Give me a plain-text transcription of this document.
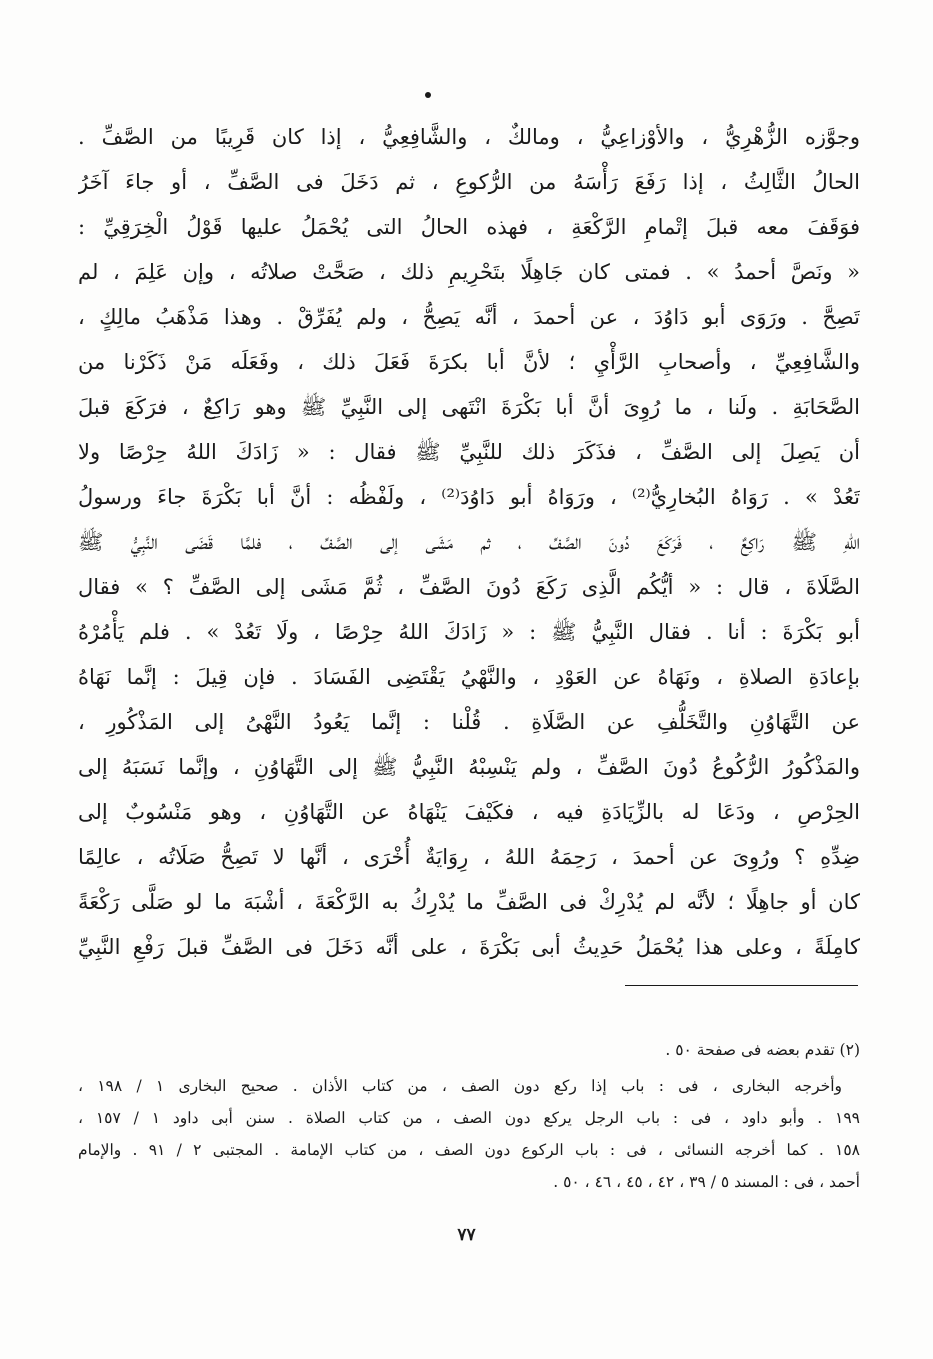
وجوَّزه الزُّهْرِيُّ ، والأوْزاعِيُّ ، ومالكٌ ، والشَّافِعِيُّ ، إذا كان قَرِيبًا من الصَّفِّ .
الحالُ الثَّالِثُ ، إذا رَفَعَ رَأْسَهُ من الرُّكوعِ ، ثم دَخَلَ فى الصَّفِّ ، أو جاءَ آخَرُ
فوَقَفَ معه قبلَ إتْمامِ الرَّكْعَةِ ، فهذه الحالُ التى يُحْمَلُ عليها قَوْلُ الْخِرَقِيِّ :
« ونَصَّ أحمدُ » . فمتى كان جَاهِلًا بتَحْرِيمِ ذلك ، صَحَّتْ صلاتُه ، وإن عَلِمَ ، لم
تَصِحَّ . ورَوَى أبو دَاوُدَ ، عن أحمدَ ، أنَّه يَصِحُّ ، ولم يُفَرِّقْ . وهذا مَذْهَبُ مالِكٍ ،
والشَّافِعِيِّ ، وأصحابِ الرَّأْيِ ؛ لأنَّ أبا بكرَةَ فَعَلَ ذلك ، وفَعَلَه مَنْ ذَكَرْنا من
الصَّحَابَةِ . ولَنا ، ما رُوِىَ أنَّ أبا بَكْرَةَ انْتَهى إلى النَّبِيِّ ﷺ وهو رَاكِعٌ ، فرَكَعَ قبلَ
أن يَصِلَ إلى الصَّفِّ ، فذَكَرَ ذلك للنَّبِيِّ ﷺ فقال : « زَادَكَ اللهُ حِرْصًا ولا
تَعُدْ » . رَوَاهُ البُخارِيُّ⁽²⁾ ، ورَوَاهُ أبو دَاوُدَ⁽²⁾ ، ولَفْظُه : أنَّ أبا بَكْرَةَ جاءَ ورسولُ
اللهِ ﷺ رَاكِعٌ ، فَرَكَعَ دُونَ الصَّفِّ ، ثم مَشَى إلى الصَّفِّ ، فلمَّا قَضَى النَّبِيُّ ﷺ
الصَّلَاةَ ، قال : « أيُّكُم الَّذِى رَكَعَ دُونَ الصَّفِّ ، ثُمَّ مَشَى إلى الصَّفِّ ؟ » فقال
أبو بَكْرَةَ : أنا . فقال النَّبِيُّ ﷺ : « زَادَكَ اللهُ حِرْصًا ، ولَا تَعُدْ » . فلم يَأْمُرْهُ
بإعادَةِ الصلاةِ ، ونَهَاهُ عن العَوْدِ ، والنَّهْيُ يَقْتَضِى الفَسَادَ . فإن قِيلَ : إنَّما نَهَاهُ
عن التَّهَاوُنِ والتَّخَلُّفِ عن الصَّلَاةِ . قُلْنا : إنَّما يَعُودُ النَّهْىُ إلى المَذْكُورِ ،
والمَذْكُورُ الرُّكُوعُ دُونَ الصَّفِّ ، ولم يَنْسِبْهُ النَّبِيُّ ﷺ إلى التَّهَاوُنِ ، وإنَّما نَسَبَهُ إلى
الحِرْصِ ، ودَعَا له بالزِّيَادَةِ فيه ، فكَيْفَ يَنْهَاهُ عن التَّهَاوُنِ ، وهو مَنْسُوبٌ إلى
ضِدِّهِ ؟ ورُوِىَ عن أحمدَ ، رَحِمَهُ اللهُ ، رِوَايَةٌ أُخْرَى ، أنَّها لا تَصِحُّ صَلَاتُه ، عالِمًا
كان أو جاهِلًا ؛ لأنَّه لم يُدْرِكْ فى الصَّفِّ ما يُدْرِكُ به الرَّكْعَةَ ، أشْبَهَ ما لو صَلَّى رَكْعَةً
كامِلَةً ، وعلى هذا يُحْمَلُ حَدِيثُ أبى بَكْرَةَ ، على أنَّه دَخَلَ فى الصَّفِّ قبلَ رَفْعِ النَّبِيِّ
(٢) تقدم بعضه فى صفحة ٥٠ .
وأخرجه البخارى ، فى : باب إذا ركع دون الصف ، من كتاب الأذان . صحيح البخارى ١ / ١٩٨ ،
١٩٩ . وأبو داود ، فى : باب الرجل يركع دون الصف ، من كتاب الصلاة . سنن أبى داود ١ / ١٥٧ ،
١٥٨ . كما أخرجه النسائى ، فى : باب الركوع دون الصف ، من كتاب الإمامة . المجتبى ٢ / ٩١ . والإمام
أحمد ، فى : المسند ٥ / ٣٩ ، ٤٢ ، ٤٥ ، ٤٦ ، ٥٠ .
٧٧
